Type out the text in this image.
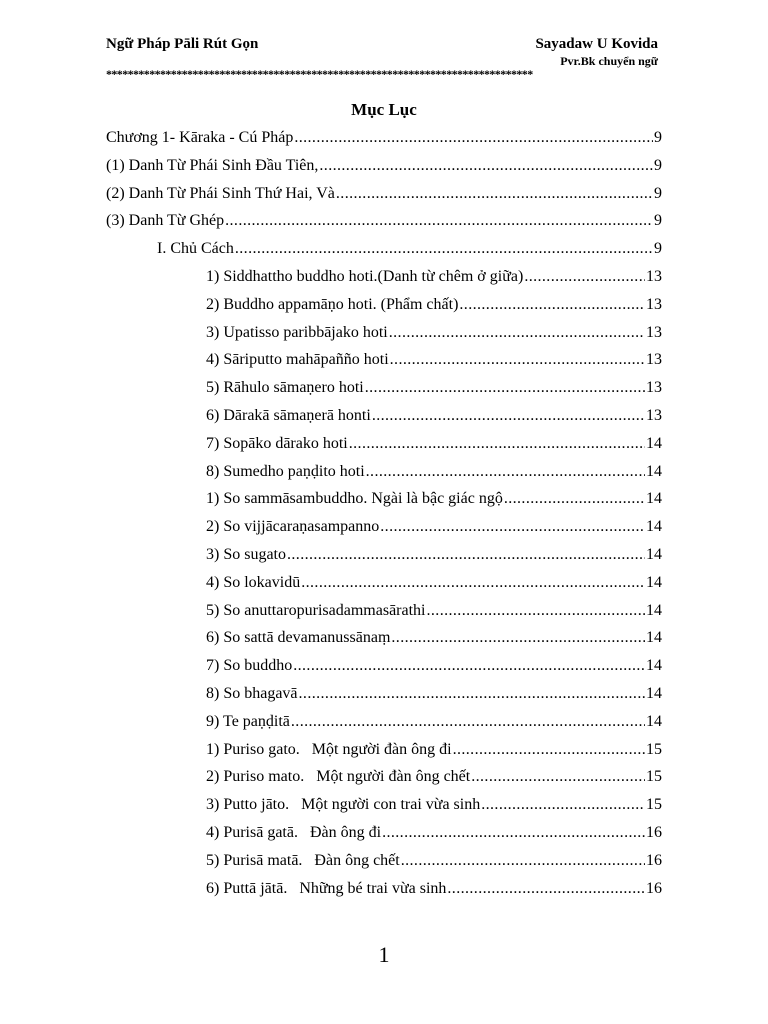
Ngữ Pháp Pāli Rút Gọn	Sayadaw U Kovida
Pvr.Bk chuyển ngữ
*******************************************************************************
Mục Lục
Chương 1- Kāraka - Cú Pháp .....	9
(1) Danh Từ Phái Sinh Đầu Tiên, .....	9
(2) Danh Từ Phái Sinh Thứ Hai, Và .....	9
(3) Danh Từ Ghép .....	9
I. Chủ Cách .....	9
1) Siddhattho buddho hoti.(Danh từ chêm ở giữa) .....	13
2) Buddho appamāṇo hoti. (Phẩm chất) .....	13
3) Upatisso paribbājako hoti .....	13
4) Sāriputto mahāpañño hoti .....	13
5) Rāhulo sāmaṇero hoti .....	13
6) Dārakā sāmaṇerā honti .....	13
7) Sopāko dārako hoti .....	14
8) Sumedho paṇḍito hoti .....	14
1) So sammāsambuddho. Ngài là bậc giác ngộ .....	14
2) So vijjācaraṇasampanno .....	14
3) So sugato .....	14
4) So lokavidū .....	14
5) So anuttaropurisadammasārathi .....	14
6) So sattā devamanussānaṃ .....	14
7) So buddho .....	14
8) So bhagavā .....	14
9) Te paṇḍitā .....	14
1) Puriso gato.   Một người đàn ông đi .....	15
2) Puriso mato.   Một người đàn ông chết .....	15
3) Putto jāto.   Một người con trai vừa sinh .....	15
4) Purisā gatā.   Đàn ông đi .....	16
5) Purisā matā.   Đàn ông chết .....	16
6) Puttā jātā.   Những bé trai vừa sinh .....	16
1
